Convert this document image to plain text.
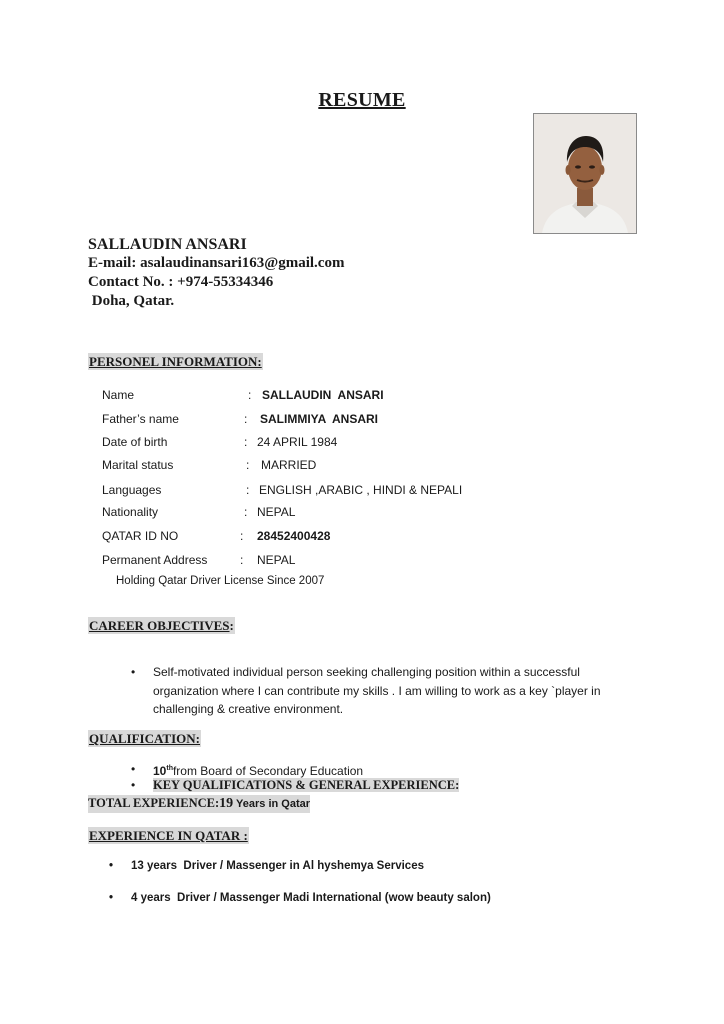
RESUME
SALLAUDIN ANSARI
E-mail: asalaudinansari163@gmail.com
Contact No. : +974-55334346
Doha, Qatar.
PERSONEL INFORMATION:
Name	: SALLAUDIN  ANSARI
Father’s name	: SALIMMIYA  ANSARI
Date of birth	: 24 APRIL 1984
Marital status	: MARRIED
Languages	: ENGLISH ,ARABIC , HINDI & NEPALI
Nationality	: NEPAL
QATAR ID NO	: 28452400428
Permanent Address	: NEPAL
Holding Qatar Driver License Since 2007
CAREER OBJECTIVES:
• Self-motivated individual person seeking challenging position within a successful organization where I can contribute my skills . I am willing to work as a key `player in challenging & creative environment.
QUALIFICATION:
• 10thfrom Board of Secondary Education
• KEY QUALIFICATIONS & GENERAL EXPERIENCE:
TOTAL EXPERIENCE:19 Years in Qatar
EXPERIENCE IN QATAR :
• 13 years  Driver / Massenger in Al hyshemya Services
• 4 years  Driver / Massenger Madi International (wow beauty salon)
